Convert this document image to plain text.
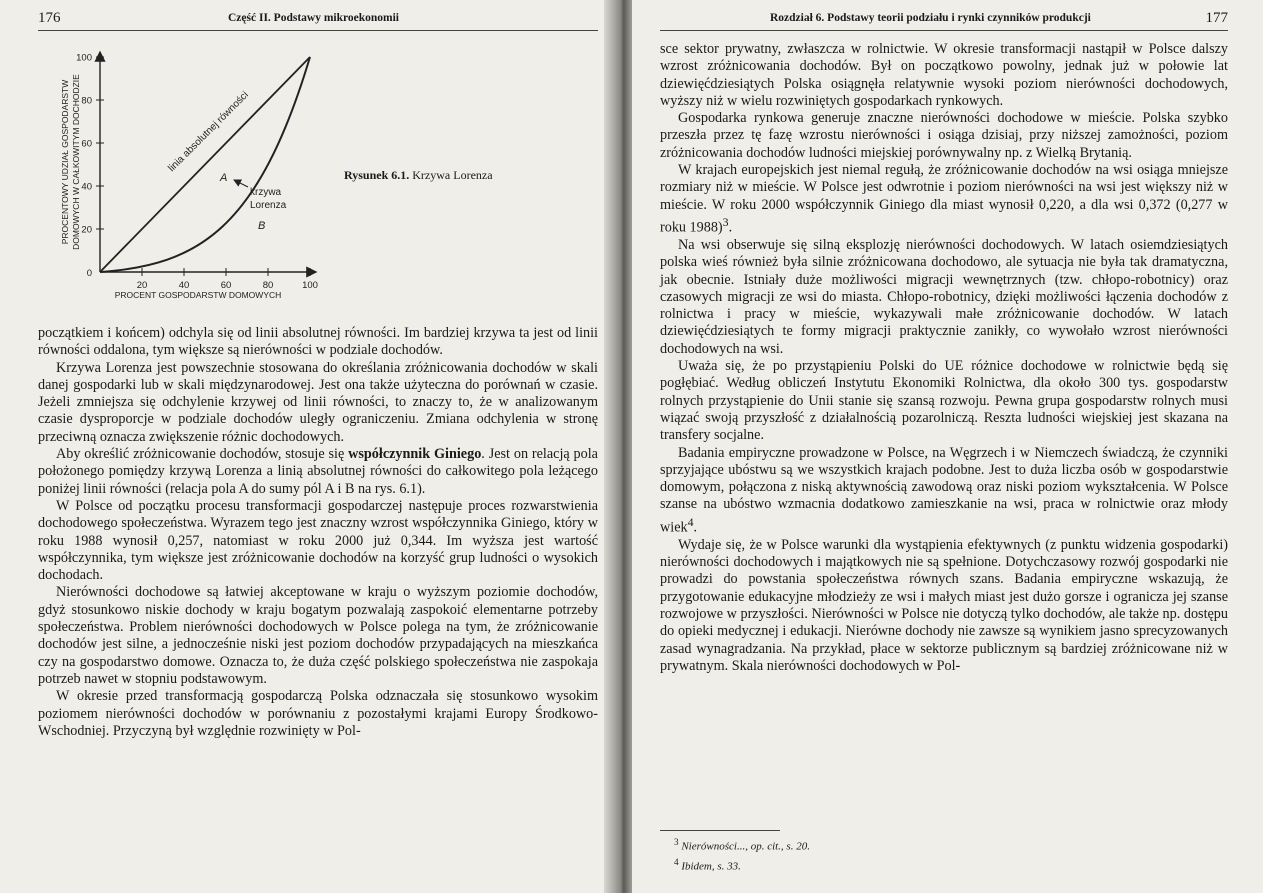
176	Część II. Podstawy mikroekonomii
100
80
60
40
20
20	40	60	80	100
PROCENTOWY UDZIAŁ GOSPODARSTW DOMOWYCH W CAŁKOWITYM DOCHODZIE
PROCENT GOSPODARSTW DOMOWYCH
linia absolutnej równości
krzywa
Lorenza
A
B
0
Rysunek 6.1. Krzywa Lorenza

początkiem i końcem) odchyla się od linii absolutnej równości. Im bardziej krzywa ta jest od linii równości oddalona, tym większe są nierówności w podziale dochodów.

Krzywa Lorenza jest powszechnie stosowana do określania zróżnicowania dochodów w skali danej gospodarki lub w skali międzynarodowej. Jest ona także użyteczna do porównań w czasie. Jeżeli zmniejsza się odchylenie krzywej od linii równości, to znaczy to, że w analizowanym czasie dysproporcje w podziale dochodów uległy ograniczeniu. Zmiana odchylenia w stronę przeciwną oznacza zwiększenie różnic dochodowych.

Aby określić zróżnicowanie dochodów, stosuje się współczynnik Giniego. Jest on relacją pola położonego pomiędzy krzywą Lorenza a linią absolutnej równości do całkowitego pola leżącego poniżej linii równości (relacja pola A do sumy pól A i B na rys. 6.1).

W Polsce od początku procesu transformacji gospodarczej następuje proces rozwarstwienia dochodowego społeczeństwa. Wyrazem tego jest znaczny wzrost współczynnika Giniego, który w roku 1988 wynosił 0,257, natomiast w roku 2000 już 0,344. Im wyższa jest wartość współczynnika, tym większe jest zróżnicowanie dochodów na korzyść grup ludności o wysokich dochodach.

Nierówności dochodowe są łatwiej akceptowane w kraju o wyższym poziomie dochodów, gdyż stosunkowo niskie dochody w kraju bogatym pozwalają zaspokoić elementarne potrzeby społeczeństwa. Problem nierówności dochodowych w Polsce polega na tym, że zróżnicowanie dochodów jest silne, a jednocześnie niski jest poziom dochodów przypadających na mieszkańca czy na gospodarstwo domowe. Oznacza to, że duża część polskiego społeczeństwa nie zaspokaja potrzeb nawet w stopniu podstawowym.

W okresie przed transformacją gospodarczą Polska odznaczała się stosunkowo wysokim poziomem nierówności dochodów w porównaniu z pozostałymi krajami Europy Środkowo-Wschodniej. Przyczyną był względnie rozwinięty w Pol-

Rozdział 6. Podstawy teorii podziału i rynki czynników produkcji	177

sce sektor prywatny, zwłaszcza w rolnictwie. W okresie transformacji nastąpił w Polsce dalszy wzrost zróżnicowania dochodów. Był on początkowo powolny, jednak już w połowie lat dziewięćdziesiątych Polska osiągnęła relatywnie wysoki poziom nierówności dochodowych, wyższy niż w wielu rozwiniętych gospodarkach rynkowych.

Gospodarka rynkowa generuje znaczne nierówności dochodowe w mieście. Polska szybko przeszła przez tę fazę wzrostu nierówności i osiąga dzisiaj, przy niższej zamożności, poziom zróżnicowania dochodów ludności miejskiej porównywalny np. z Wielką Brytanią.

W krajach europejskich jest niemal regułą, że zróżnicowanie dochodów na wsi osiąga mniejsze rozmiary niż w mieście. W Polsce jest odwrotnie i poziom nierówności na wsi jest większy niż w mieście. W roku 2000 współczynnik Giniego dla miast wynosił 0,220, a dla wsi 0,372 (0,277 w roku 1988)$^3$.

Na wsi obserwuje się silną eksplozję nierówności dochodowych. W latach osiemdziesiątych polska wieś również była silnie zróżnicowana dochodowo, ale sytuacja nie była tak dramatyczna, jak obecnie. Istniały duże możliwości migracji wewnętrznych (tzw. chłopo-robotnicy) oraz czasowych migracji ze wsi do miasta. Chłopo-robotnicy, dzięki możliwości łączenia dochodów z rolnictwa i pracy w mieście, wykazywali małe zróżnicowanie dochodów. W latach dziewięćdziesiątych te formy migracji praktycznie zanikły, co wywołało wzrost nierówności dochodowych na wsi.

Uważa się, że po przystąpieniu Polski do UE różnice dochodowe w rolnictwie będą się pogłębiać. Według obliczeń Instytutu Ekonomiki Rolnictwa, dla około 300 tys. gospodarstw rolnych przystąpienie do Unii stanie się szansą rozwoju. Pewna grupa gospodarstw rolnych musi wiązać swoją przyszłość z działalnością pozarolniczą. Reszta ludności wiejskiej jest skazana na transfery socjalne.

Badania empiryczne prowadzone w Polsce, na Węgrzech i w Niemczech świadczą, że czynniki sprzyjające ubóstwu są we wszystkich krajach podobne. Jest to duża liczba osób w gospodarstwie domowym, połączona z niską aktywnością zawodową oraz niski poziom wykształcenia. W Polsce szanse na ubóstwo wzmacnia dodatkowo zamieszkanie na wsi, praca w rolnictwie oraz młody wiek$^4$.

Wydaje się, że w Polsce warunki dla wystąpienia efektywnych (z punktu widzenia gospodarki) nierówności dochodowych i majątkowych nie są spełnione. Dotychczasowy rozwój gospodarki nie prowadzi do powstania społeczeństwa równych szans. Badania empiryczne wskazują, że przygotowanie edukacyjne młodzieży ze wsi i małych miast jest dużo gorsze i ogranicza jej szanse rozwojowe w przyszłości. Nierówności w Polsce nie dotyczą tylko dochodów, ale także np. dostępu do opieki medycznej i edukacji. Nierówne dochody nie zawsze są wynikiem jasno sprecyzowanych zasad wynagradzania. Na przykład, płace w sektorze publicznym są bardziej zróżnicowane niż w prywatnym. Skala nierówności dochodowych w Pol-

$^3$ Nierówności..., op. cit., s. 20.

$^4$ Ibidem, s. 33.
